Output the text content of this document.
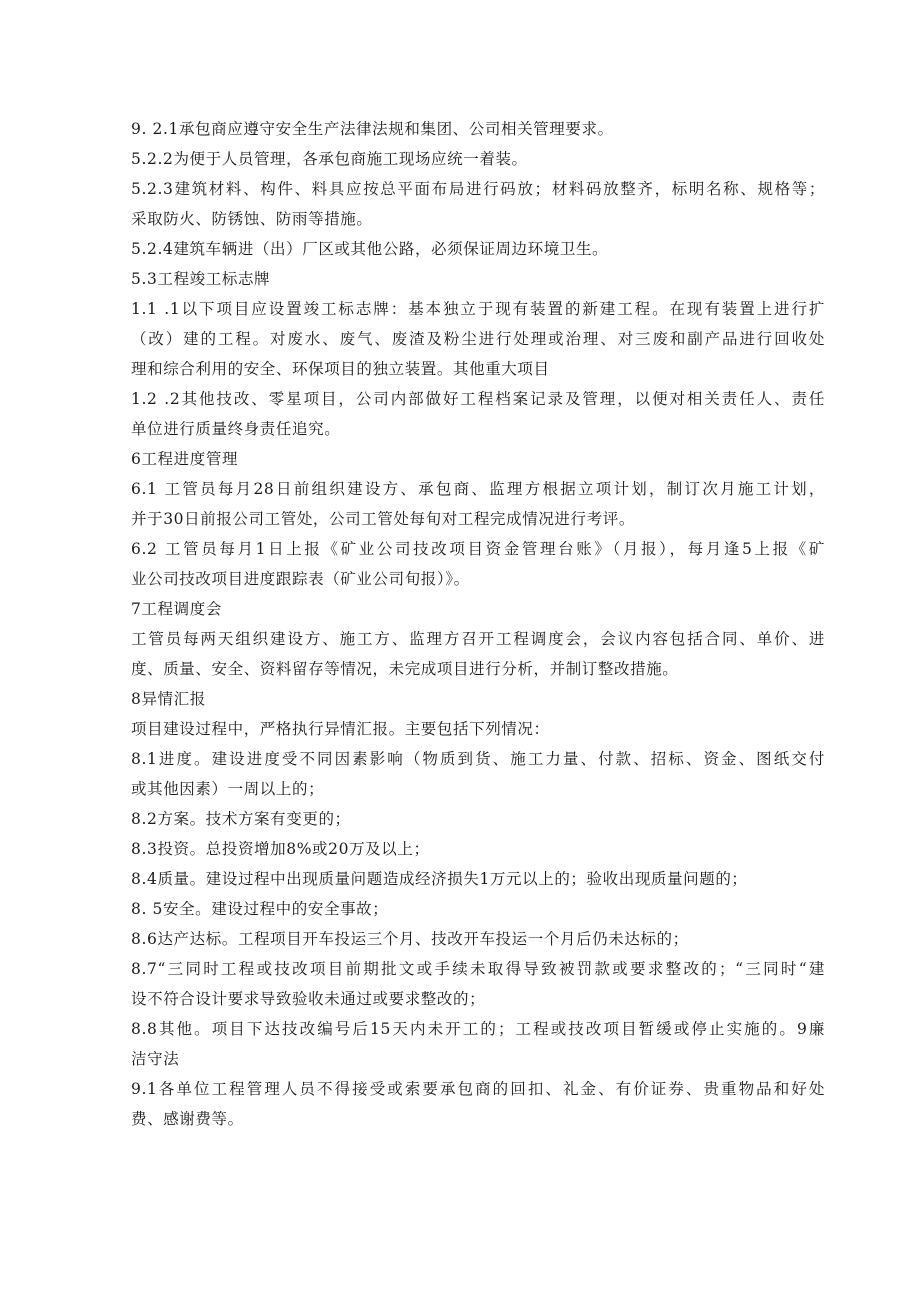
9. 2.1承包商应遵守安全生产法律法规和集团、公司相关管理要求。
5.2.2为便于人员管理，各承包商施工现场应统一着装。
5.2.3建筑材料、构件、料具应按总平面布局进行码放；材料码放整齐，标明名称、规格等；
采取防火、防锈蚀、防雨等措施。
5.2.4建筑车辆进（出）厂区或其他公路，必须保证周边环境卫生。
5.3工程竣工标志牌
1.1 .1以下项目应设置竣工标志牌：基本独立于现有装置的新建工程。在现有装置上进行扩
（改）建的工程。对废水、废气、废渣及粉尘进行处理或治理、对三废和副产品进行回收处
理和综合利用的安全、环保项目的独立装置。其他重大项目
1.2 .2其他技改、零星项目，公司内部做好工程档案记录及管理，以便对相关责任人、责任
单位进行质量终身责任追究。
6工程进度管理
6.1 工管员每月28日前组织建设方、承包商、监理方根据立项计划，制订次月施工计划，
并于30日前报公司工管处，公司工管处每旬对工程完成情况进行考评。
6.2 工管员每月1日上报《矿业公司技改项目资金管理台账》（月报），每月逢5上报《矿
业公司技改项目进度跟踪表（矿业公司旬报）》。
7工程调度会
工管员每两天组织建设方、施工方、监理方召开工程调度会，会议内容包括合同、单价、进
度、质量、安全、资料留存等情况，未完成项目进行分析，并制订整改措施。
8异情汇报
项目建设过程中，严格执行异情汇报。主要包括下列情况：
8.1进度。建设进度受不同因素影响（物质到货、施工力量、付款、招标、资金、图纸交付
或其他因素）一周以上的；
8.2方案。技术方案有变更的；
8.3投资。总投资增加8%或20万及以上；
8.4质量。建设过程中出现质量问题造成经济损失1万元以上的；验收出现质量问题的；
8. 5安全。建设过程中的安全事故；
8.6达产达标。工程项目开车投运三个月、技改开车投运一个月后仍未达标的；
8.7“三同时工程或技改项目前期批文或手续未取得导致被罚款或要求整改的；“三同时“建
设不符合设计要求导致验收未通过或要求整改的；
8.8其他。项目下达技改编号后15天内未开工的；工程或技改项目暂缓或停止实施的。9廉
洁守法
9.1各单位工程管理人员不得接受或索要承包商的回扣、礼金、有价证券、贵重物品和好处
费、感谢费等。
